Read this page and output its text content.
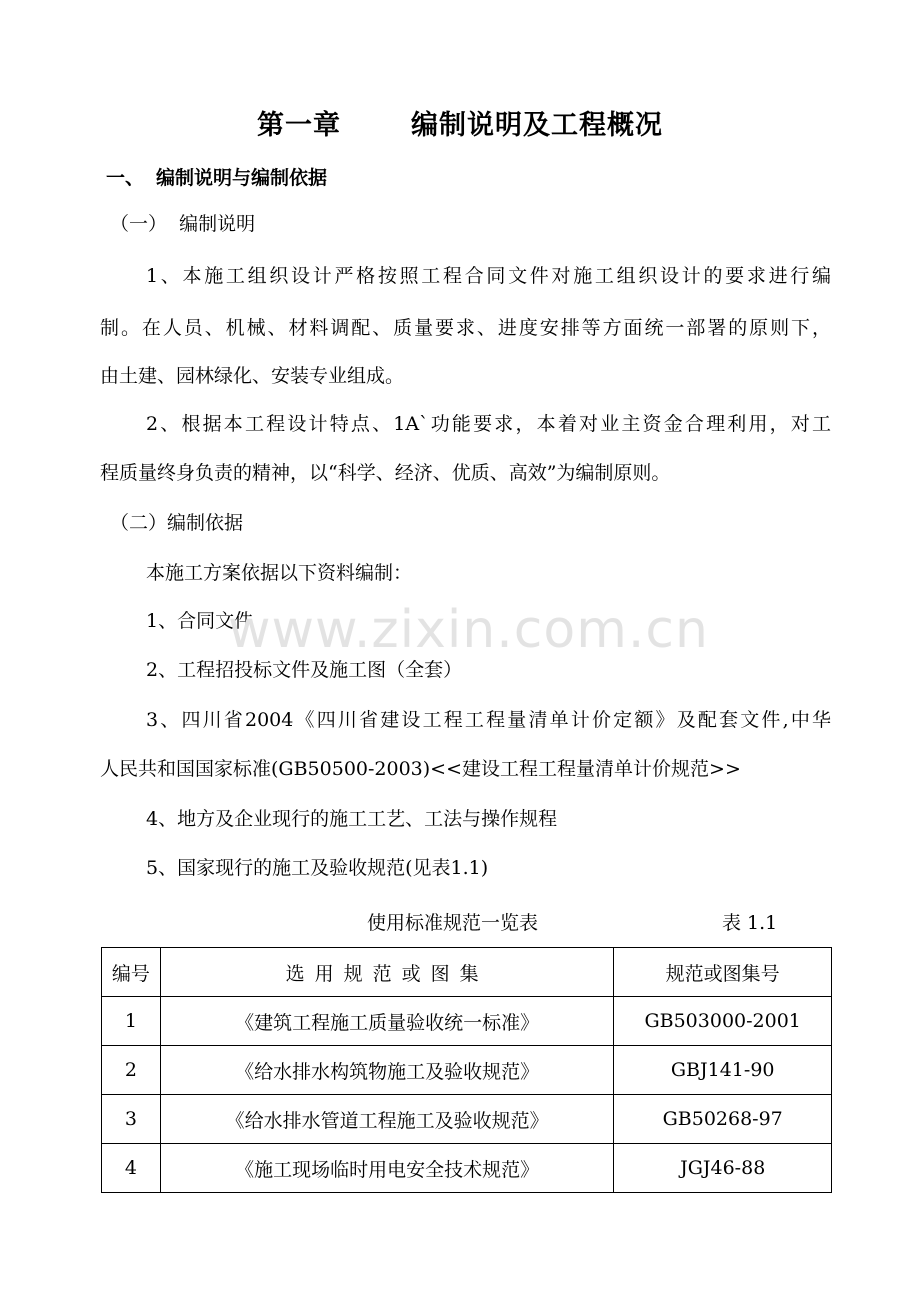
第一章	编制说明及工程概况
一、 编制说明与编制依据
（一） 编制说明
1、本施工组织设计严格按照工程合同文件对施工组织设计的要求进行编
制。在人员、机械、材料调配、质量要求、进度安排等方面统一部署的原则下，
由土建、园林绿化、安装专业组成。
2、根据本工程设计特点、1A`功能要求，本着对业主资金合理利用，对工
程质量终身负责的精神，以“科学、经济、优质、高效”为编制原则。
（二）编制依据
本施工方案依据以下资料编制：
1、合同文件
2、工程招投标文件及施工图（全套）
3、四川省2004《四川省建设工程工程量清单计价定额》及配套文件,中华
人民共和国国家标准(GB50500-2003)<<建设工程工程量清单计价规范>>
4、地方及企业现行的施工工艺、工法与操作规程
5、国家现行的施工及验收规范(见表1.1)
www.zixin.com.cn
使用标准规范一览表	表 1.1
编号	选用规范或图集	规范或图集号
1	《建筑工程施工质量验收统一标准》	GB503000-2001
2	《给水排水构筑物施工及验收规范》	GBJ141-90
3	《给水排水管道工程施工及验收规范》	GB50268-97
4	《施工现场临时用电安全技术规范》	JGJ46-88
